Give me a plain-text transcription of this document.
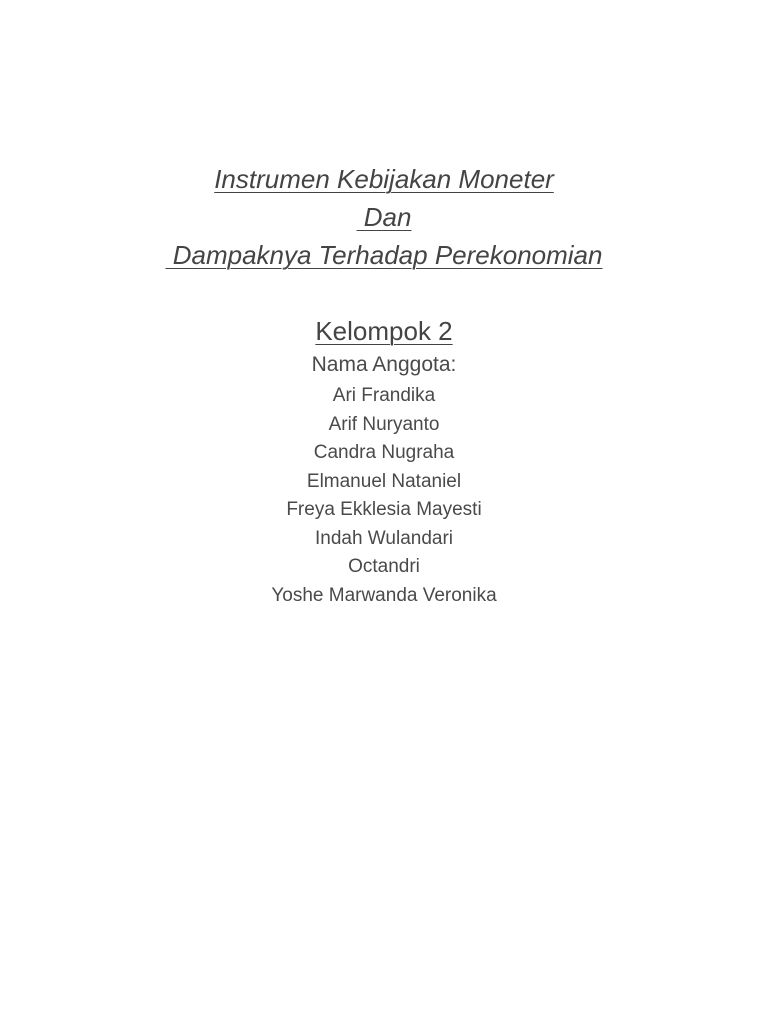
Instrumen Kebijakan Moneter
Dan
Dampaknya Terhadap Perekonomian
Kelompok 2
Nama Anggota:
Ari Frandika
Arif Nuryanto
Candra Nugraha
Elmanuel Nataniel
Freya Ekklesia Mayesti
Indah Wulandari
Octandri
Yoshe Marwanda Veronika
